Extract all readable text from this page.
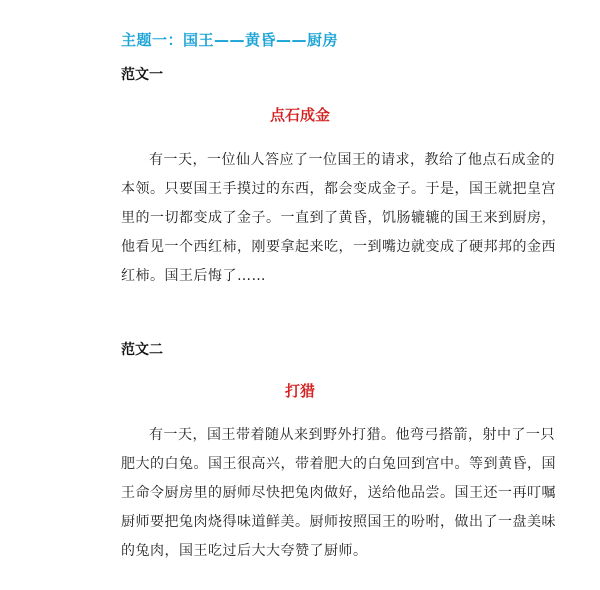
主题一：国王——黄昏——厨房
范文一
点石成金
有一天，一位仙人答应了一位国王的请求，教给了他点石成金的
本领。只要国王手摸过的东西，都会变成金子。于是，国王就把皇宫
里的一切都变成了金子。一直到了黄昏，饥肠辘辘的国王来到厨房，
他看见一个西红柿，刚要拿起来吃，一到嘴边就变成了硬邦邦的金西
红柿。国王后悔了……
范文二
打猎
有一天，国王带着随从来到野外打猎。他弯弓搭箭，射中了一只
肥大的白兔。国王很高兴，带着肥大的白兔回到宫中。等到黄昏，国
王命令厨房里的厨师尽快把兔肉做好，送给他品尝。国王还一再叮嘱
厨师要把兔肉烧得味道鲜美。厨师按照国王的吩咐，做出了一盘美味
的兔肉，国王吃过后大大夸赞了厨师。
